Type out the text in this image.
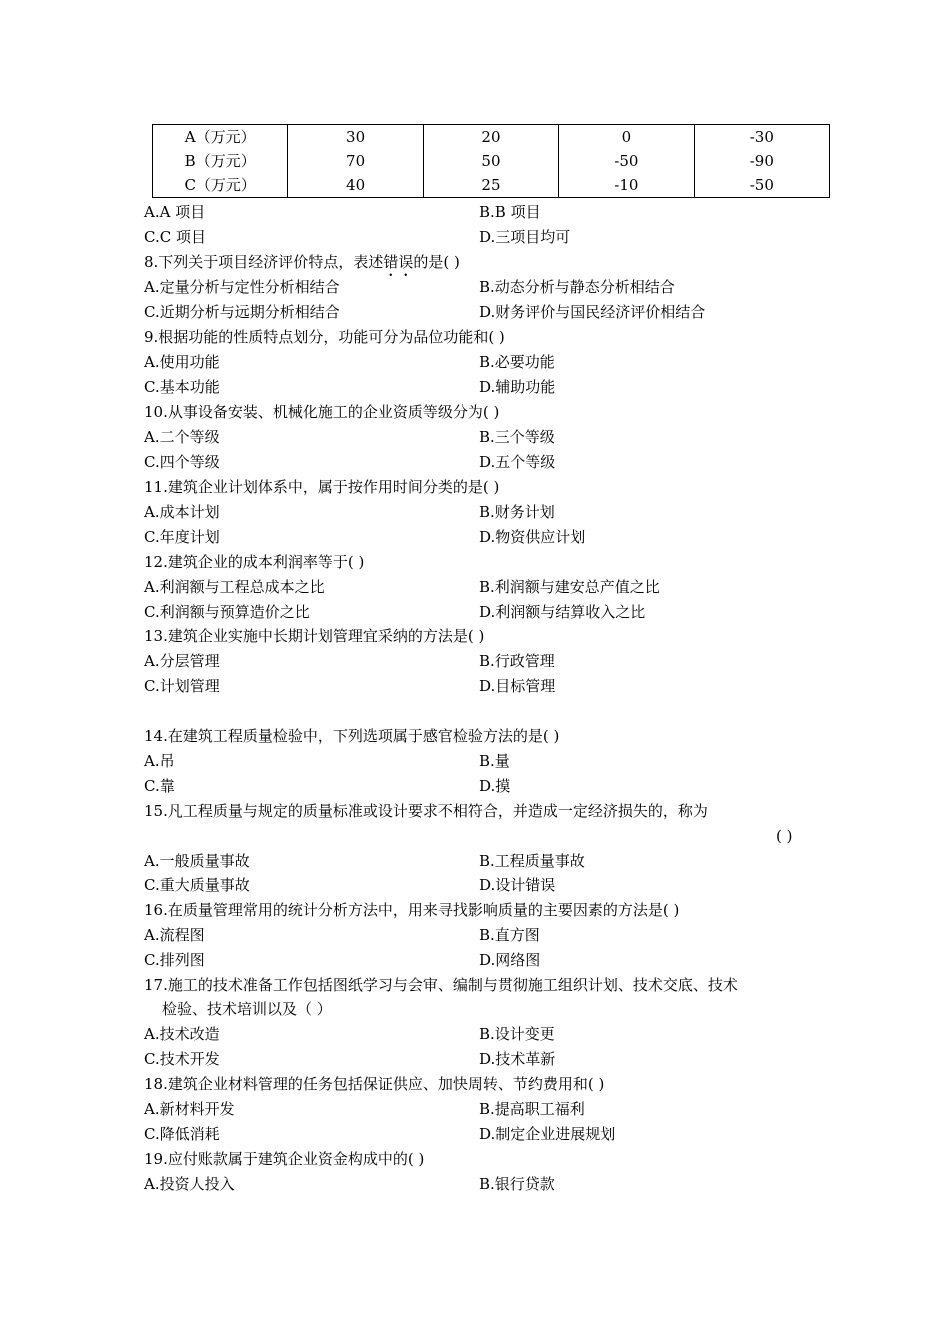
A（万元）	30	20	0	-30
B（万元）	70	50	-50	-90
C（万元）	40	25	-10	-50
A.A 项目	B.B 项目
C.C 项目	D.三项目均可
8.下列关于项目经济评价特点，表述错误的是( )
A.定量分析与定性分析相结合	B.动态分析与静态分析相结合
C.近期分析与远期分析相结合	D.财务评价与国民经济评价相结合
9.根据功能的性质特点划分，功能可分为品位功能和( )
A.使用功能	B.必要功能
C.基本功能	D.辅助功能
10.从事设备安装、机械化施工的企业资质等级分为( )
A.二个等级	B.三个等级
C.四个等级	D.五个等级
11.建筑企业计划体系中，属于按作用时间分类的是( )
A.成本计划	B.财务计划
C.年度计划	D.物资供应计划
12.建筑企业的成本利润率等于( )
A.利润额与工程总成本之比	B.利润额与建安总产值之比
C.利润额与预算造价之比	D.利润额与结算收入之比
13.建筑企业实施中长期计划管理宜采纳的方法是( )
A.分层管理	B.行政管理
C.计划管理	D.目标管理
14.在建筑工程质量检验中，下列选项属于感官检验方法的是( )
A.吊	B.量
C.靠	D.摸
15.凡工程质量与规定的质量标准或设计要求不相符合，并造成一定经济损失的，称为
( )
A.一般质量事故	B.工程质量事故
C.重大质量事故	D.设计错误
16.在质量管理常用的统计分析方法中，用来寻找影响质量的主要因素的方法是( )
A.流程图	B.直方图
C.排列图	D.网络图
17.施工的技术准备工作包括图纸学习与会审、编制与贯彻施工组织计划、技术交底、技术
检验、技术培训以及（ ）
A.技术改造	B.设计变更
C.技术开发	D.技术革新
18.建筑企业材料管理的任务包括保证供应、加快周转、节约费用和( )
A.新材料开发	B.提高职工福利
C.降低消耗	D.制定企业进展规划
19.应付账款属于建筑企业资金构成中的( )
A.投资人投入	B.银行贷款
